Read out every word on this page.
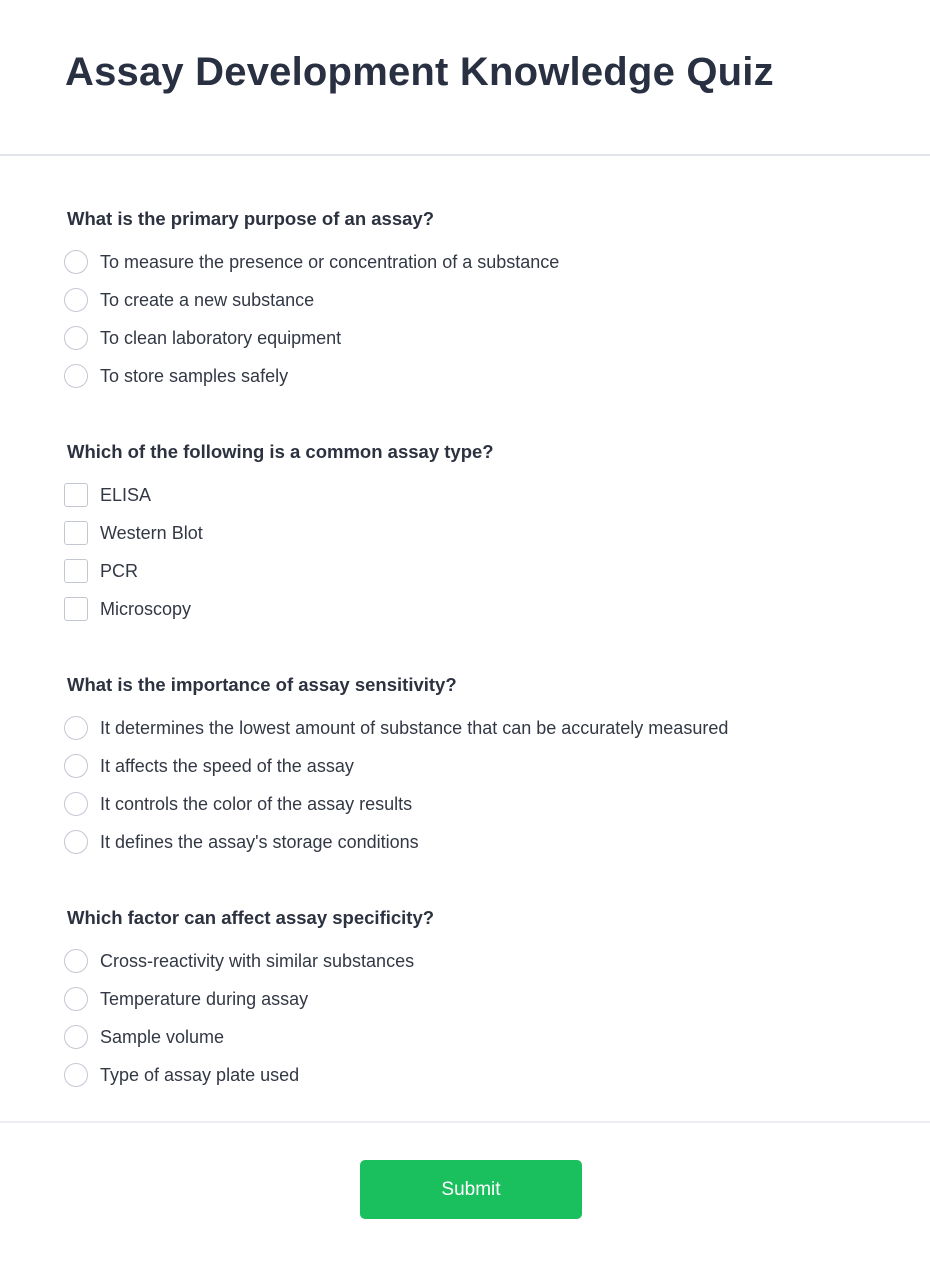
Assay Development Knowledge Quiz
What is the primary purpose of an assay?
To measure the presence or concentration of a substance
To create a new substance
To clean laboratory equipment
To store samples safely
Which of the following is a common assay type?
ELISA
Western Blot
PCR
Microscopy
What is the importance of assay sensitivity?
It determines the lowest amount of substance that can be accurately measured
It affects the speed of the assay
It controls the color of the assay results
It defines the assay's storage conditions
Which factor can affect assay specificity?
Cross-reactivity with similar substances
Temperature during assay
Sample volume
Type of assay plate used
Submit
